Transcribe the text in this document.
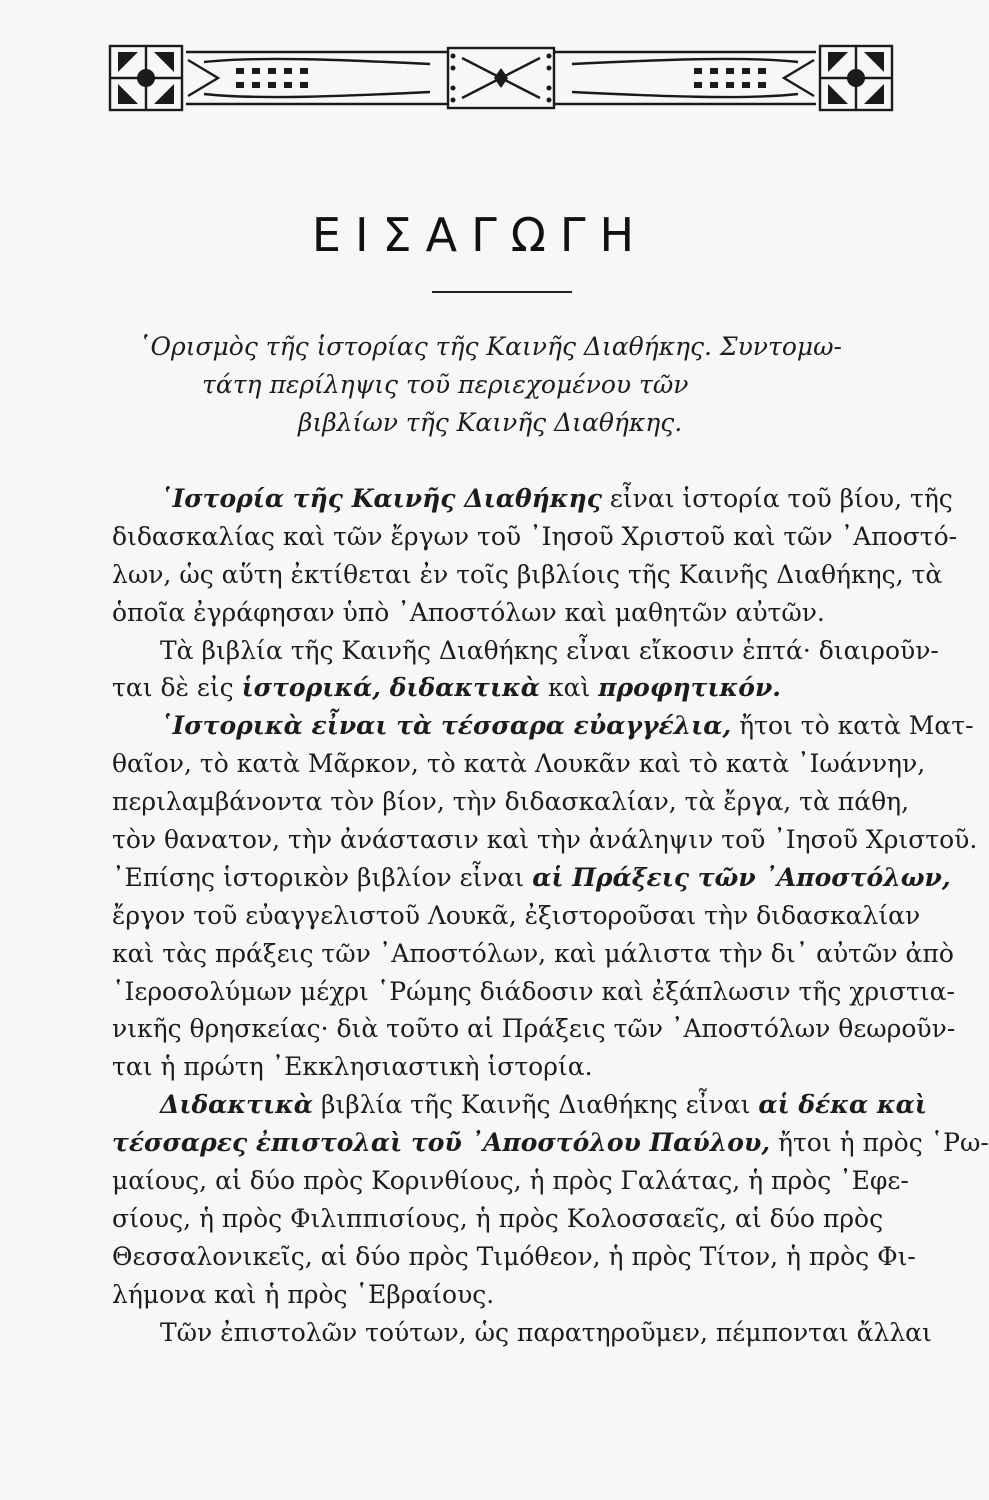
ΕΙΣΑΓΩΓΗ
῾Ορισμὸς τῆς ἱστορίας τῆς Καινῆς Διαθήκης. Συντομω-
τάτη περίληψις τοῦ περιεχομένου τῶν
βιβλίων τῆς Καινῆς Διαθήκης.
῾Ιστορία τῆς Καινῆς Διαθήκης εἶναι ἱστορία τοῦ βίου, τῆς
διδασκαλίας καὶ τῶν ἔργων τοῦ ᾿Ιησοῦ Χριστοῦ καὶ τῶν ᾿Αποστό-
λων, ὡς αὕτη ἐκτίθεται ἐν τοῖς βιβλίοις τῆς Καινῆς Διαθήκης, τὰ
ὁποῖα ἐγράφησαν ὑπὸ ᾿Αποστόλων καὶ μαθητῶν αὐτῶν.
Τὰ βιβλία τῆς Καινῆς Διαθήκης εἶναι εἴκοσιν ἑπτά· διαιροῦν-
ται δὲ εἰς ἱστορικά, διδακτικὰ καὶ προφητικόν.
῾Ιστορικὰ εἶναι τὰ τέσσαρα εὐαγγέλια, ἤτοι τὸ κατὰ Ματ-
θαῖον, τὸ κατὰ Μᾶρκον, τὸ κατὰ Λουκᾶν καὶ τὸ κατὰ ᾿Ιωάννην,
περιλαμβάνοντα τὸν βίον, τὴν διδασκαλίαν, τὰ ἔργα, τὰ πάθη,
τὸν θανατον, τὴν ἀνάστασιν καὶ τὴν ἀνάληψιν τοῦ ᾿Ιησοῦ Χριστοῦ.
᾿Επίσης ἱστορικὸν βιβλίον εἶναι αἱ Πράξεις τῶν ᾿Αποστόλων,
ἔργον τοῦ εὐαγγελιστοῦ Λουκᾶ, ἐξιστοροῦσαι τὴν διδασκαλίαν
καὶ τὰς πράξεις τῶν ᾿Αποστόλων, καὶ μάλιστα τὴν δι᾿ αὐτῶν ἀπὸ
῾Ιεροσολύμων μέχρι ῾Ρώμης διάδοσιν καὶ ἐξάπλωσιν τῆς χριστια-
νικῆς θρησκείας· διὰ τοῦτο αἱ Πράξεις τῶν ᾿Αποστόλων θεωροῦν-
ται ἡ πρώτη ᾿Εκκλησιαστικὴ ἱστορία.
Διδακτικὰ βιβλία τῆς Καινῆς Διαθήκης εἶναι αἱ δέκα καὶ
τέσσαρες ἐπιστολαὶ τοῦ ᾿Αποστόλου Παύλου, ἤτοι ἡ πρὸς ῾Ρω-
μαίους, αἱ δύο πρὸς Κορινθίους, ἡ πρὸς Γαλάτας, ἡ πρὸς ᾿Εφε-
σίους, ἡ πρὸς Φιλιππισίους, ἡ πρὸς Κολοσσαεῖς, αἱ δύο πρὸς
Θεσσαλονικεῖς, αἱ δύο πρὸς Τιμόθεον, ἡ πρὸς Τίτον, ἡ πρὸς Φι-
λήμονα καὶ ἡ πρὸς ῾Εβραίους.
Τῶν ἐπιστολῶν τούτων, ὡς παρατηροῦμεν, πέμπονται ἄλλαι
